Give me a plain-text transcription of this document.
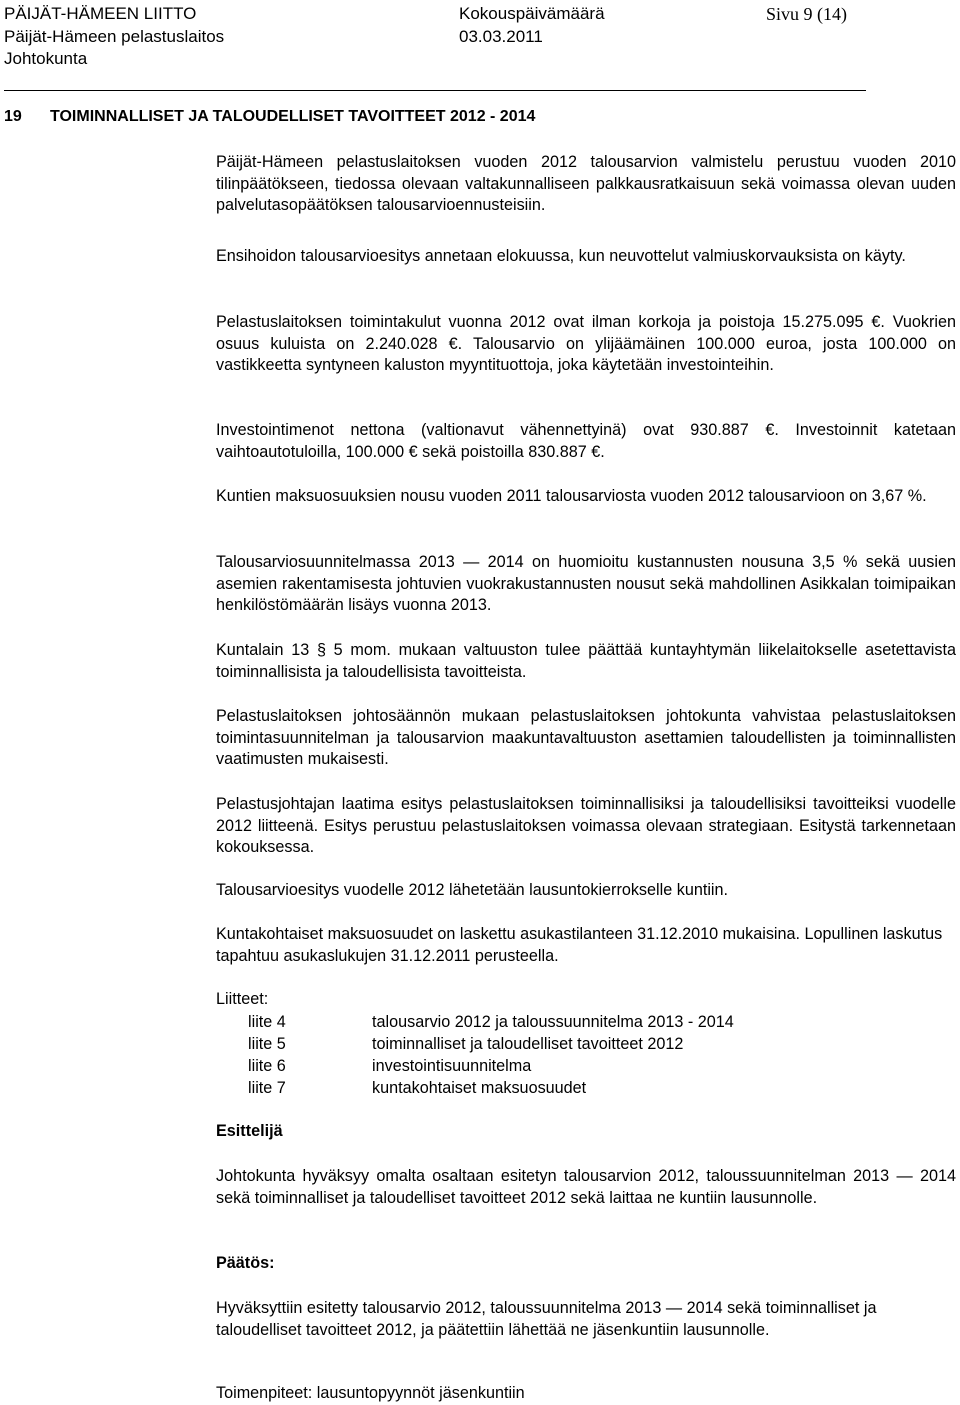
PÄIJÄT-HÄMEEN LIITTO
Päijät-Hämeen pelastuslaitos
Johtokunta
Kokouspäivämäärä
03.03.2011
Sivu 9 (14)
19 TOIMINNALLISET JA TALOUDELLISET TAVOITTEET 2012 - 2014

Päijät-Hämeen pelastuslaitoksen vuoden 2012 talousarvion valmistelu perustuu vuoden 2010 tilinpäätökseen, tiedossa olevaan valtakunnalliseen palkkausratkaisuun sekä voimassa olevan uuden palvelutasopäätöksen talousarvioennusteisiin.

Ensihoidon talousarvioesitys annetaan elokuussa, kun neuvottelut valmiuskorvauksista on käyty.

Pelastuslaitoksen toimintakulut vuonna 2012 ovat ilman korkoja ja poistoja 15.275.095 €. Vuokrien osuus kuluista on 2.240.028 €. Talousarvio on ylijäämäinen 100.000 euroa, josta 100.000 on vastikkeetta syntyneen kaluston myyntituottoja, joka käytetään investointeihin.

Investointimenot nettona (valtionavut vähennettyinä) ovat 930.887 €. Investoinnit katetaan vaihtoautotuloilla, 100.000 € sekä poistoilla 830.887 €.

Kuntien maksuosuuksien nousu vuoden 2011 talousarviosta vuoden 2012 talousarvioon on 3,67 %.

Talousarviosuunnitelmassa 2013 — 2014 on huomioitu kustannusten nousuna 3,5 % sekä uusien asemien rakentamisesta johtuvien vuokrakustannusten nousut sekä mahdollinen Asikkalan toimipaikan henkilöstömäärän lisäys vuonna 2013.

Kuntalain 13 § 5 mom. mukaan valtuuston tulee päättää kuntayhtymän liikelaitokselle asetettavista toiminnallisista ja taloudellisista tavoitteista.

Pelastuslaitoksen johtosäännön mukaan pelastuslaitoksen johtokunta vahvistaa pelastuslaitoksen toimintasuunnitelman ja talousarvion maakuntavaltuuston asettamien taloudellisten ja toiminnallisten vaatimusten mukaisesti.

Pelastusjohtajan laatima esitys pelastuslaitoksen toiminnallisiksi ja taloudellisiksi tavoitteiksi vuodelle 2012 liitteenä. Esitys perustuu pelastuslaitoksen voimassa olevaan strategiaan. Esitystä tarkennetaan kokouksessa.

Talousarvioesitys vuodelle 2012 lähetetään lausuntokierrokselle kuntiin.

Kuntakohtaiset maksuosuudet on laskettu asukastilanteen 31.12.2010 mukaisina. Lopullinen laskutus tapahtuu asukaslukujen 31.12.2011 perusteella.

Liitteet:
liite 4	talousarvio 2012 ja taloussuunnitelma 2013 - 2014
liite 5	toiminnalliset ja taloudelliset tavoitteet 2012
liite 6	investointisuunnitelma
liite 7	kuntakohtaiset maksuosuudet
Esittelijä

Johtokunta hyväksyy omalta osaltaan esitetyn talousarvion 2012, taloussuunnitelman 2013 — 2014 sekä toiminnalliset ja taloudelliset tavoitteet 2012 sekä laittaa ne kuntiin lausunnolle.

Päätös:

Hyväksyttiin esitetty talousarvio 2012, taloussuunnitelma 2013 — 2014 sekä toiminnalliset ja taloudelliset tavoitteet 2012, ja päätettiin lähettää ne jäsenkuntiin lausunnolle.

Toimenpiteet: lausuntopyynnöt jäsenkuntiin
